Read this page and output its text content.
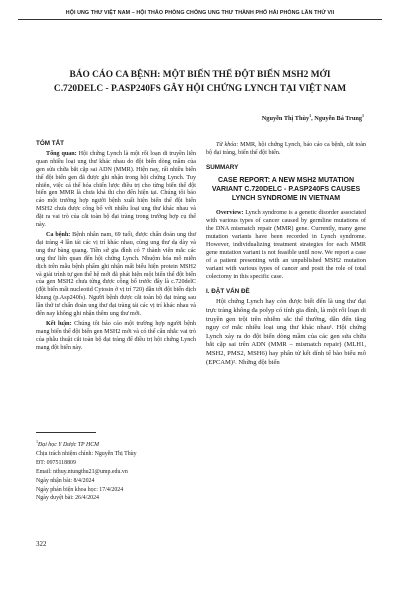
HỘI UNG THƯ VIỆT NAM – HỘI THẢO PHÒNG CHỐNG UNG THƯ THÀNH PHỐ HẢI PHÒNG LẦN THỨ VII
BÁO CÁO CA BỆNH: MỘT BIẾN THỂ ĐỘT BIẾN MSH2 MỚI
C.720DELC - P.ASP240FS GÂY HỘI CHỨNG LYNCH TẠI VIỆT NAM
Nguyễn Thị Thùy$^1$, Nguyễn Bá Trung$^1$
TÓM TẮT

Tổng quan: Hội chứng Lynch là một rối loạn di truyền liên quan nhiều loại ung thư khác nhau do đột biến dòng mầm của gen sửa chữa bắt cặp sai ADN (MMR). Hiện nay, rất nhiều biến thể đột biến gen đã được ghi nhận trong hội chứng Lynch. Tuy nhiên, việc cá thể hóa chiến lược điều trị cho từng biến thể đột biến gen MMR là chưa khả thi cho đến hiện tại. Chúng tôi báo cáo một trường hợp người bệnh xuất hiện biến thể đột biến MSH2 chưa được công bố với nhiều loại ung thư khác nhau và đặt ra vai trò của cắt toàn bộ đại tràng trong trường hợp cụ thể này.

Ca bệnh: Bệnh nhân nam, 69 tuổi, được chẩn đoán ung thư đại tràng 4 lần tái các vị trí khác nhau, cùng ung thư dạ dày và ung thư bàng quang. Tiền sử gia đình có 7 thành viên mắc các ung thư liên quan đến hội chứng Lynch. Nhuộm hóa mô miễn dịch trên mẫu bệnh phẩm ghi nhận mất biểu hiện protein MSH2 và giải trình tự gen thế hệ mới đã phát hiện một biến thể đột biến của gen MSH2 chưa từng được công bố trước đây là c.720delC (đột biến mất nucleotid Cytosin ở vị trí 720) dẫn tới đột biến dịch khung (p.Asp240fs). Người bệnh được cắt toàn bộ đại tràng sau lần thứ tư chẩn đoán ung thư đại tràng tái các vị trí khác nhau và đến nay không ghi nhận thêm ung thư mới.

Kết luận: Chúng tôi báo cáo một trường hợp người bệnh mang biến thể đột biến gen MSH2 mới và có thể cân nhắc vai trò của phẫu thuật cắt toàn bộ đại tràng để điều trị hội chứng Lynch mang đột biến này.

Từ khóa: MMR, hội chứng Lynch, báo cáo ca bệnh, cắt toàn bộ đại tràng, biến thể đột biến.

SUMMARY
CASE REPORT: A NEW MSH2 MUTATION VARIANT C.720DELC - P.ASP240FS CAUSES LYNCH SYNDROME IN VIETNAM

Overview: Lynch syndrome is a genetic disorder associated with various types of cancer caused by germline mutations of the DNA mismatch repair (MMR) gene. Currently, many gene mutation variants have been recorded in Lynch syndrome. However, individualizing treatment strategies for each MMR gene mutation variant is not feasible until now. We report a case of a patient presenting with an unpublished MSH2 mutation variant with various types of cancer and posit the role of total colectomy in this specific case.

I. ĐẶT VẤN ĐỀ

Hội chứng Lynch hay còn được biết đến là ung thư đại trực tràng không đa polyp có tính gia đình, là một rối loạn di truyền gen trội trên nhiễm sắc thể thường, dẫn đến tăng nguy cơ mắc nhiều loại ung thư khác nhau¹. Hội chứng Lynch xảy ra do đột biến dòng mầm của các gen sửa chữa bắt cặp sai trên ADN (MMR – mismatch repair) (MLH1, MSH2, PMS2, MSH6) hay phân tử kết dính tế bào biểu mô (EPCAM)². Những đột biến

$^1$Đại học Y Dược TP HCM
Chịu trách nhiệm chính: Nguyễn Thị Thùy
ĐT: 0975118809
Email: nthuy.ntungthu21@ump.edu.vn
Ngày nhận bài: 8/4/2024
Ngày phản biện khoa học: 17/4/2024
Ngày duyệt bài: 26/4/2024
322
